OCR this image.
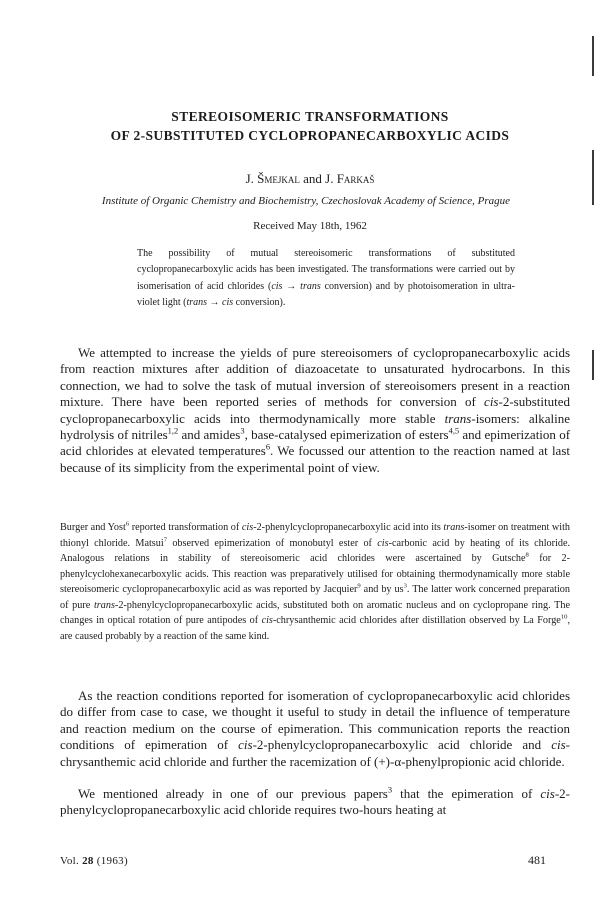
STEREOISOMERIC TRANSFORMATIONS
OF 2-SUBSTITUTED CYCLOPROPANECARBOXYLIC ACIDS
J. Šmejkal and J. Farkaš
Institute of Organic Chemistry and Biochemistry, Czechoslovak Academy of Science, Prague
Received May 18th, 1962

The possibility of mutual stereoisomeric transformations of substituted cyclopropanecarboxylic acids has been investigated. The transformations were carried out by isomerisation of acid chlorides (cis → trans conversion) and by photoisomeration in ultra-violet light (trans → cis conversion).

We attempted to increase the yields of pure stereoisomers of cyclopropanecarboxylic acids from reaction mixtures after addition of diazoacetate to unsaturated hydrocarbons. In this connection, we had to solve the task of mutual inversion of stereoisomers present in a reaction mixture. There have been reported series of methods for conversion of cis-2-substituted cyclopropanecarboxylic acids into thermodynamically more stable trans-isomers: alkaline hydrolysis of nitriles$^{1,2}$ and amides$^3$, base-catalysed epimerization of esters$^{4,5}$ and epimerization of acid chlorides at elevated temperatures$^6$. We focussed our attention to the reaction named at last because of its simplicity from the experimental point of view.

Burger and Yost$^6$ reported transformation of cis-2-phenylcyclopropanecarboxylic acid into its trans-isomer on treatment with thionyl chloride. Matsui$^7$ observed epimerization of monobutyl ester of cis-carbonic acid by heating of its chloride. Analogous relations in stability of stereoisomeric acid chlorides were ascertained by Gutsche$^8$ for 2-phenylcyclohexanecarboxylic acids. This reaction was preparatively utilised for obtaining thermodynamically more stable stereoisomeric cyclopropanecarboxylic acid as was reported by Jacquier$^9$ and by $us^3$. The latter work concerned preparation of pure trans-2-phenylcyclopropanecarboxylic acids, substituted both on aromatic nucleus and on cyclopropane ring. The changes in optical rotation of pure antipodes of cis-chrysanthemic acid chlorides after distillation observed by La Forge$^{10}$, are caused probably by a reaction of the same kind.

As the reaction conditions reported for isomeration of cyclopropanecarboxylic acid chlorides do differ from case to case, we thought it useful to study in detail the influence of temperature and reaction medium on the course of epimeration. This communication reports the reaction conditions of epimeration of cis-2-phenylcyclopropanecarboxylic acid chloride and cis-chrysanthemic acid chloride and further the racemization of (+)-α-phenylpropionic acid chloride.

We mentioned already in one of our previous papers$^3$ that the epimeration of cis-2-phenylcyclopropanecarboxylic acid chloride requires two-hours heating at

Vol. 28 (1963)	481
